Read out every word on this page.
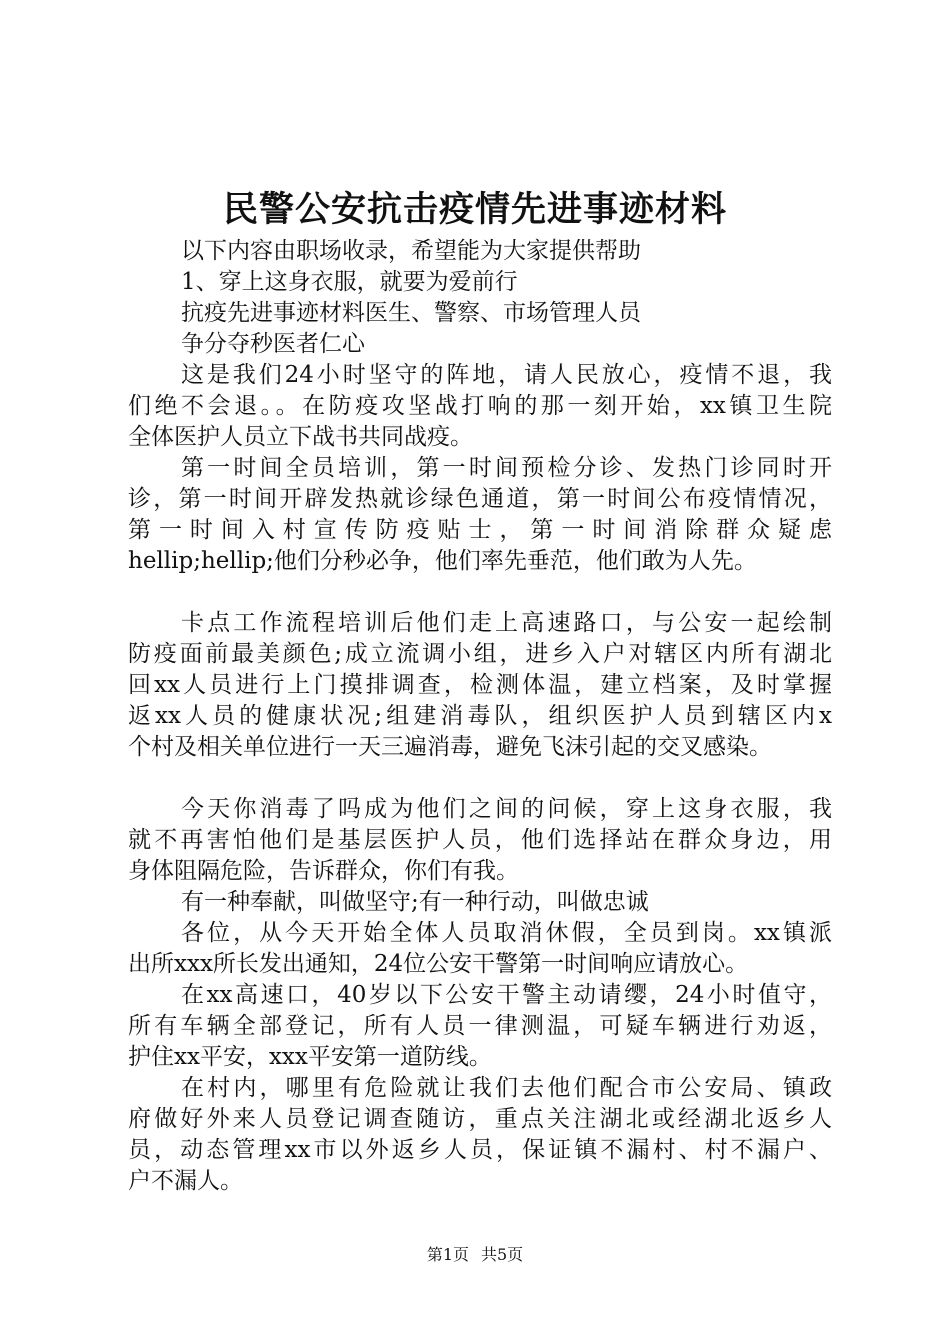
民警公安抗击疫情先进事迹材料
以下内容由职场收录，希望能为大家提供帮助
1、穿上这身衣服，就要为爱前行
抗疫先进事迹材料医生、警察、市场管理人员
争分夺秒医者仁心
这是我们24小时坚守的阵地，请人民放心，疫情不退，我
们绝不会退。。在防疫攻坚战打响的那一刻开始，xx镇卫生院
全体医护人员立下战书共同战疫。
第一时间全员培训，第一时间预检分诊、发热门诊同时开
诊，第一时间开辟发热就诊绿色通道，第一时间公布疫情情况，
第一时间入村宣传防疫贴士，第一时间消除群众疑虑
hellip;hellip;他们分秒必争，他们率先垂范，他们敢为人先。
卡点工作流程培训后他们走上高速路口，与公安一起绘制
防疫面前最美颜色;成立流调小组，进乡入户对辖区内所有湖北
回xx人员进行上门摸排调查，检测体温，建立档案，及时掌握
返xx人员的健康状况;组建消毒队，组织医护人员到辖区内x
个村及相关单位进行一天三遍消毒，避免飞沫引起的交叉感染。
今天你消毒了吗成为他们之间的问候，穿上这身衣服，我
就不再害怕他们是基层医护人员，他们选择站在群众身边，用
身体阻隔危险，告诉群众，你们有我。
有一种奉献，叫做坚守;有一种行动，叫做忠诚
各位，从今天开始全体人员取消休假，全员到岗。xx镇派
出所xxx所长发出通知，24位公安干警第一时间响应请放心。
在xx高速口，40岁以下公安干警主动请缨，24小时值守，
所有车辆全部登记，所有人员一律测温，可疑车辆进行劝返，
护住xx平安，xxx平安第一道防线。
在村内，哪里有危险就让我们去他们配合市公安局、镇政
府做好外来人员登记调查随访，重点关注湖北或经湖北返乡人
员，动态管理xx市以外返乡人员，保证镇不漏村、村不漏户、
户不漏人。
第1页 共5页
